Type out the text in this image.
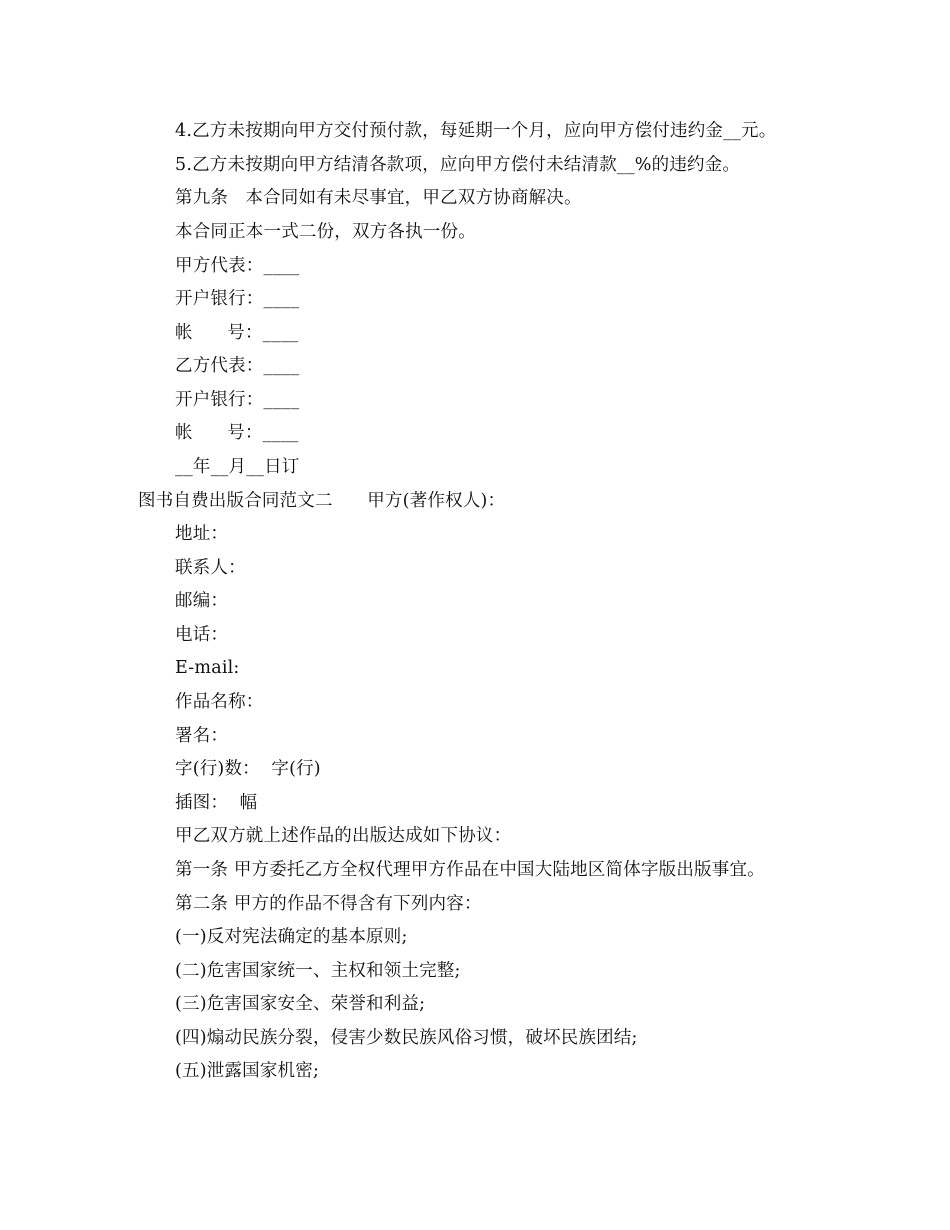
4.乙方未按期向甲方交付预付款，每延期一个月，应向甲方偿付违约金__元。
5.乙方未按期向甲方结清各款项，应向甲方偿付未结清款__%的违约金。
第九条   本合同如有未尽事宜，甲乙双方协商解决。
本合同正本一式二份，双方各执一份。
甲方代表：____
开户银行：____
帐      号：____
乙方代表：____
开户银行：____
帐      号：____
__年__月__日订
图书自费出版合同范文二      甲方(著作权人)：
地址：
联系人：
邮编：
电话：
E-mail:
作品名称：
署名：
字(行)数：  字(行)
插图：  幅
甲乙双方就上述作品的出版达成如下协议：
第一条 甲方委托乙方全权代理甲方作品在中国大陆地区简体字版出版事宜。
第二条 甲方的作品不得含有下列内容：
(一)反对宪法确定的基本原则;
(二)危害国家统一、主权和领土完整;
(三)危害国家安全、荣誉和利益;
(四)煽动民族分裂，侵害少数民族风俗习惯，破坏民族团结;
(五)泄露国家机密;
